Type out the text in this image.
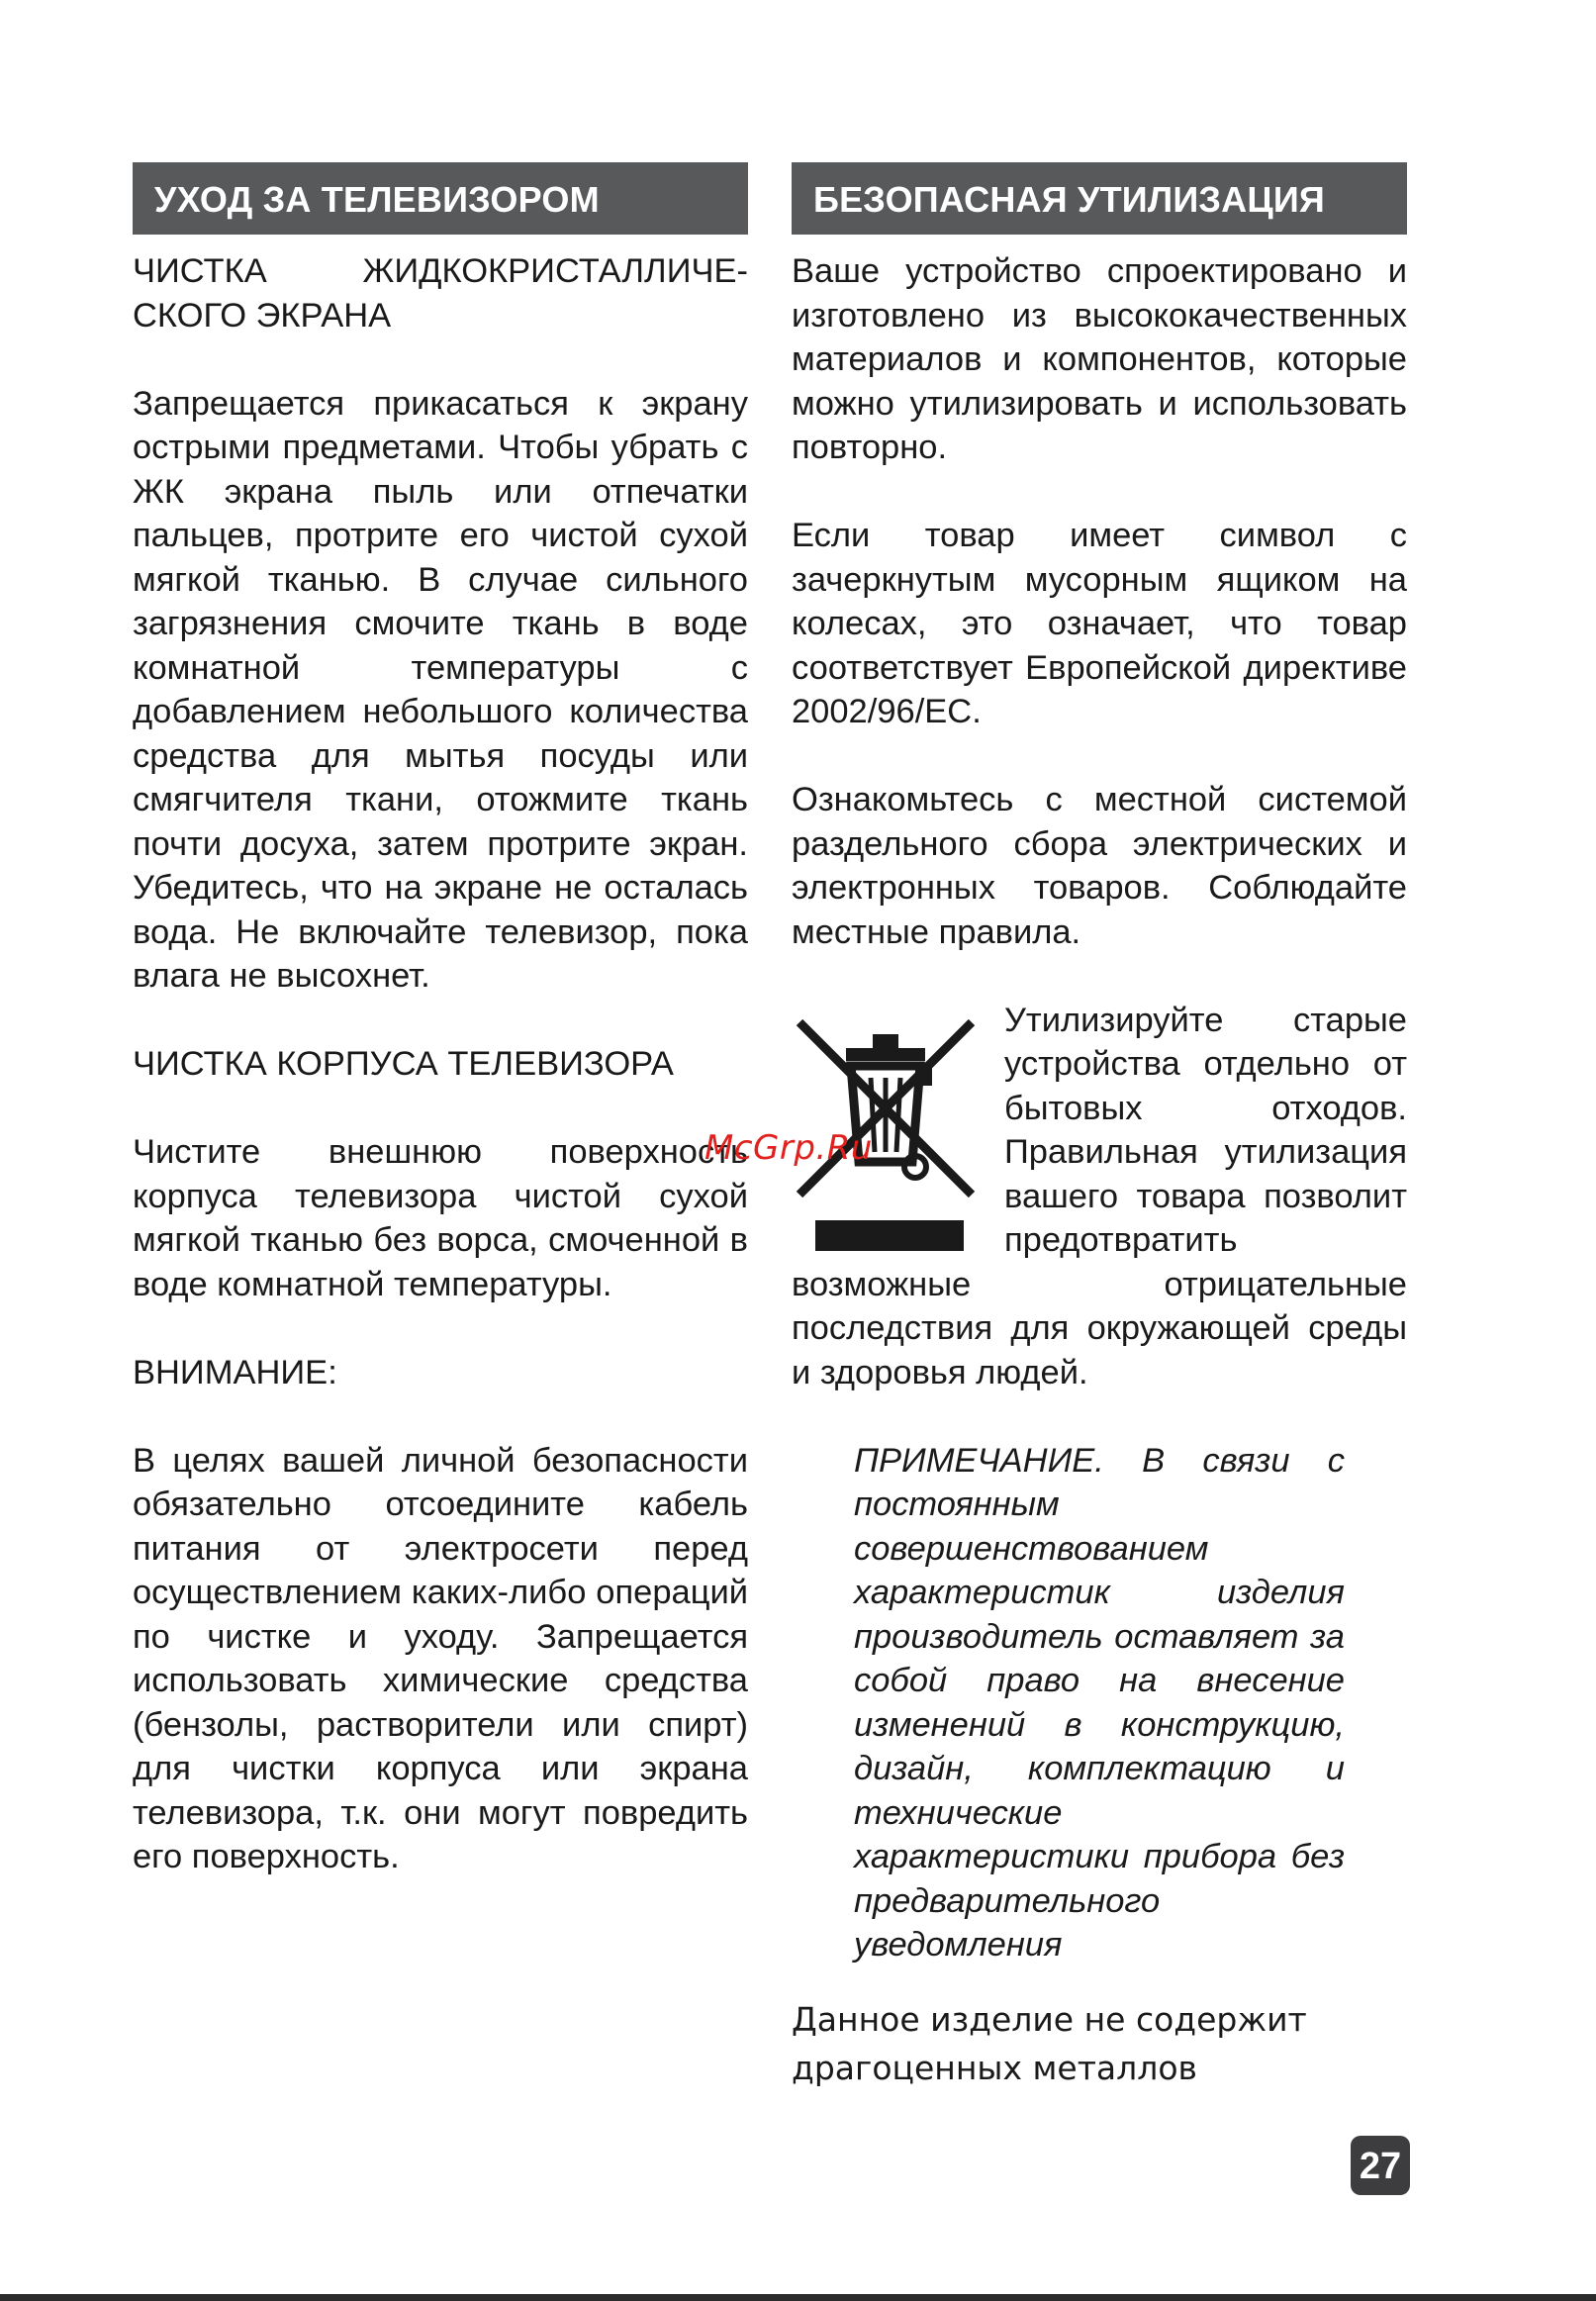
УХОД ЗА ТЕЛЕВИЗОРОМ

ЧИСТКА ЖИДКОКРИСТАЛЛИЧЕ-СКОГО ЭКРАНА

Запрещается прикасаться к экрану острыми предметами. Чтобы убрать с ЖК экрана пыль или отпечатки пальцев, протрите его чистой сухой мягкой тканью. В случае сильного загрязнения смочите ткань в воде комнатной температуры с добавлением небольшого количества средства для мытья посуды или смягчителя ткани, отожмите ткань почти досуха, затем протрите экран. Убедитесь, что на экране не осталась вода. Не включайте телевизор, пока влага не высохнет.

ЧИСТКА КОРПУСА ТЕЛЕВИЗОРА

Чистите внешнюю поверхность корпуса телевизора чистой сухой мягкой тканью без ворса, смоченной в воде комнатной температуры.

ВНИМАНИЕ:

В целях вашей личной безопасности обязательно отсоедините кабель питания от электросети перед осуществлением каких-либо операций по чистке и уходу. Запрещается использовать химические средства (бензолы, растворители или спирт) для чистки корпуса или экрана телевизора, т.к. они могут повредить его поверхность.

БЕЗОПАСНАЯ УТИЛИЗАЦИЯ

Ваше устройство спроектировано и изготовлено из высококачественных материалов и компонентов, которые можно утилизировать и использовать повторно.

Если товар имеет символ с зачеркнутым мусорным ящиком на колесах, это означает, что товар соответствует Европейской директиве 2002/96/EC.

Ознакомьтесь с местной системой раздельного сбора электрических и электронных товаров. Соблюдайте местные правила.

Утилизируйте старые устройства отдельно от бытовых отходов. Правильная утилизация вашего товара позволит предотвратить возможные отрицательные последствия для окружающей среды и здоровья людей.
ПРИМЕЧАНИЕ. В связи с постоянным совершенствованием характеристик изделия производитель оставляет за собой право на внесение изменений в конструкцию, дизайн, комплектацию и технические характеристики прибора без предварительного уведомления
Данное изделие не содержит драгоценных металлов
McGrp.Ru
27
